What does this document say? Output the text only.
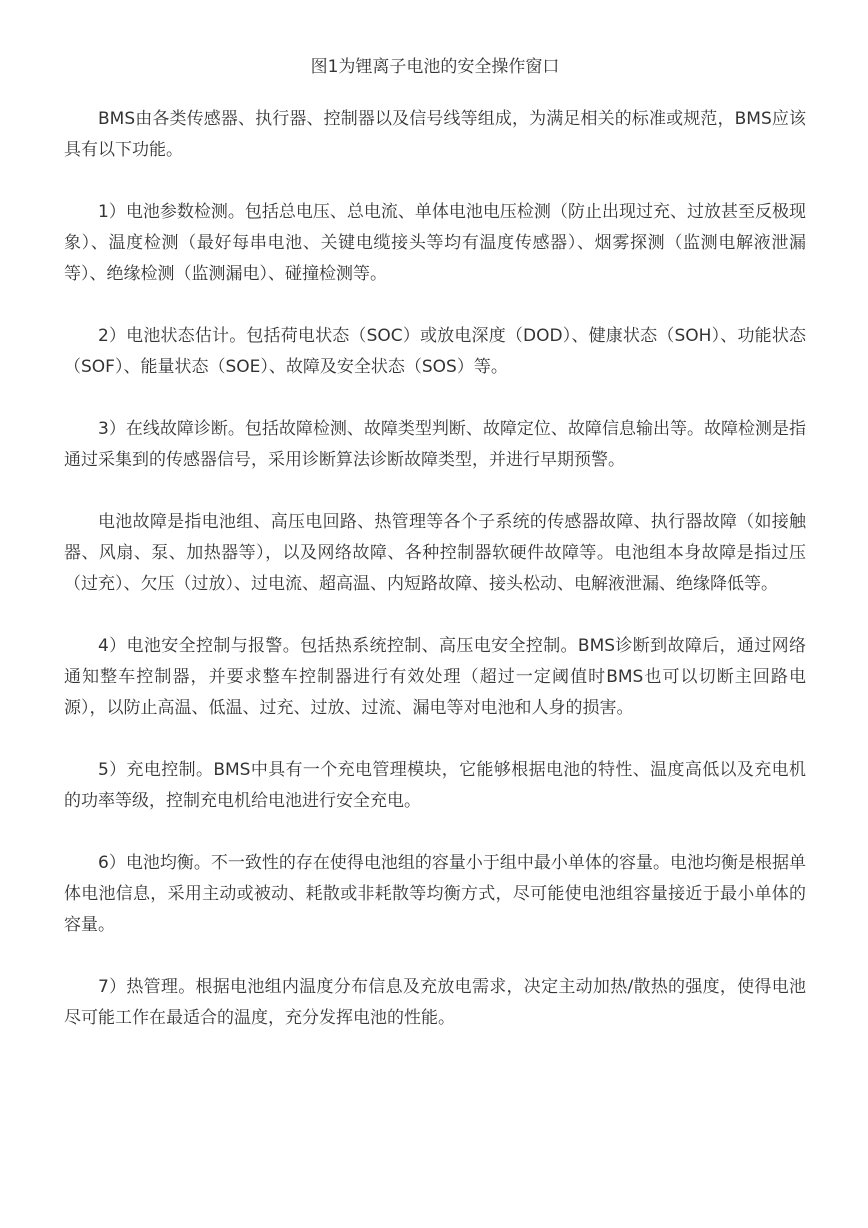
图1为锂离子电池的安全操作窗口

BMS由各类传感器、执行器、控制器以及信号线等组成，为满足相关的标准或规范，BMS应该具有以下功能。

1）电池参数检测。包括总电压、总电流、单体电池电压检测（防止出现过充、过放甚至反极现象）、温度检测（最好每串电池、关键电缆接头等均有温度传感器）、烟雾探测（监测电解液泄漏等）、绝缘检测（监测漏电）、碰撞检测等。

2）电池状态估计。包括荷电状态（SOC）或放电深度（DOD）、健康状态（SOH）、功能状态（SOF）、能量状态（SOE）、故障及安全状态（SOS）等。

3）在线故障诊断。包括故障检测、故障类型判断、故障定位、故障信息输出等。故障检测是指通过采集到的传感器信号，采用诊断算法诊断故障类型，并进行早期预警。

电池故障是指电池组、高压电回路、热管理等各个子系统的传感器故障、执行器故障（如接触器、风扇、泵、加热器等），以及网络故障、各种控制器软硬件故障等。电池组本身故障是指过压（过充）、欠压（过放）、过电流、超高温、内短路故障、接头松动、电解液泄漏、绝缘降低等。

4）电池安全控制与报警。包括热系统控制、高压电安全控制。BMS诊断到故障后，通过网络通知整车控制器，并要求整车控制器进行有效处理（超过一定阈值时BMS也可以切断主回路电源），以防止高温、低温、过充、过放、过流、漏电等对电池和人身的损害。

5）充电控制。BMS中具有一个充电管理模块，它能够根据电池的特性、温度高低以及充电机的功率等级，控制充电机给电池进行安全充电。

6）电池均衡。不一致性的存在使得电池组的容量小于组中最小单体的容量。电池均衡是根据单体电池信息，采用主动或被动、耗散或非耗散等均衡方式，尽可能使电池组容量接近于最小单体的容量。

7）热管理。根据电池组内温度分布信息及充放电需求，决定主动加热/散热的强度，使得电池尽可能工作在最适合的温度，充分发挥电池的性能。
